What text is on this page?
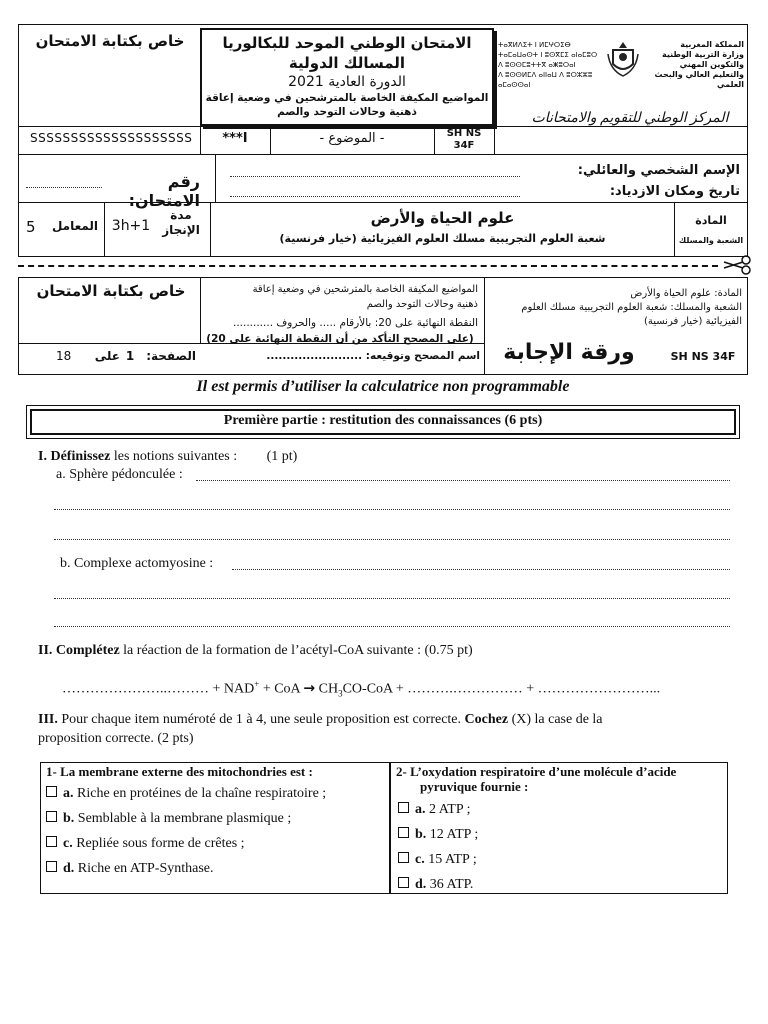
خاص بكتابة الامتحان	الامتحان الوطني الموحد للبكالوريا
المسالك الدولية
الدورة العادية 2021
المواضيع المكيفة الخاصة بالمترشحين في وضعية إعاقة
ذهنية وحالات التوحد والصم
ⵜⴰⴳⵍⴷⵉⵜ ⵏ ⵍⵎⵖⵔⵉⴱ
ⵜⴰⵎⴰⵡⴰⵙⵜ ⵏ ⵓⵙⴳⵎⵉ ⴰⵏⴰⵎⵓⵔ
ⴷ ⵓⵙⵙⵎⵓⵜⵜⴳ ⴰⵥⵓⵔⴰⵏ
ⴷ ⵓⵙⵙⵍⵎⴷ ⴰⵏⵏⴰⵡ ⴷ ⵓⵔⵣⵣⵓ ⴰⵎⴰⵙⵙⴰⵏ
المملكة المغربية
وزارة التربية الوطنية
والتكوين المهني
والتعليم العالي والبحث العلمي
المركز الوطني للتقويم والامتحانات
SSSSSSSSSSSSSSSSSSSS	***I	- الموضوع -	SH NS
34F
رقم الامتحان:
الإسم الشخصي والعائلي:
تاريخ ومكان الازدياد:
5	المعامل 3h+1
مدة
الإنجاز
علوم الحياة والأرض
شعبة العلوم التجريبية مسلك العلوم الفيزيائية (خيار فرنسية)
المادة
الشعبة والمسلك
خاص بكتابة الامتحان	المواضيع المكيفة الخاصة بالمترشحين في وضعية إعاقة
ذهنية وحالات التوحد والصم
النقطة النهائية على 20: بالأرقام ..... والحروف ............
(على المصحح التأكد من أن النقطة النهائية على 20)
اسم المصحح وتوقيعه: ........................
المادة: علوم الحياة والأرض
الشعبة والمسلك: شعبة العلوم التجريبية مسلك العلوم
الفيزيائية (خيار فرنسية)
18	على 1	الصفحة:	ورقة الإجابة	SH NS 34F
Il est permis d’utiliser la calculatrice non programmable
Première partie : restitution des connaissances (6 pts)
I. Définissez les notions suivantes : (1 pt)
a. Sphère pédonculée :
b. Complexe actomyosine :
II. Complétez la réaction de la formation de l’acétyl-CoA suivante : (0.75 pt)
…………………..……… + NAD+ + CoA → $CH_3CO$-CoA + ……….…………… + ……………………...
III. Pour chaque item numéroté de 1 à 4, une seule proposition est correcte. Cochez (X) la case de la
proposition correcte. (2 pts)
1- La membrane externe des mitochondries est :
a. Riche en protéines de la chaîne respiratoire ;
b. Semblable à la membrane plasmique ;
c. Repliée sous forme de crêtes ;
d. Riche en ATP-Synthase.
2- L’oxydation respiratoire d’une molécule d’acide
pyruvique fournie :
a. 2 ATP ;
b. 12 ATP ;
c. 15 ATP ;
d. 36 ATP.
